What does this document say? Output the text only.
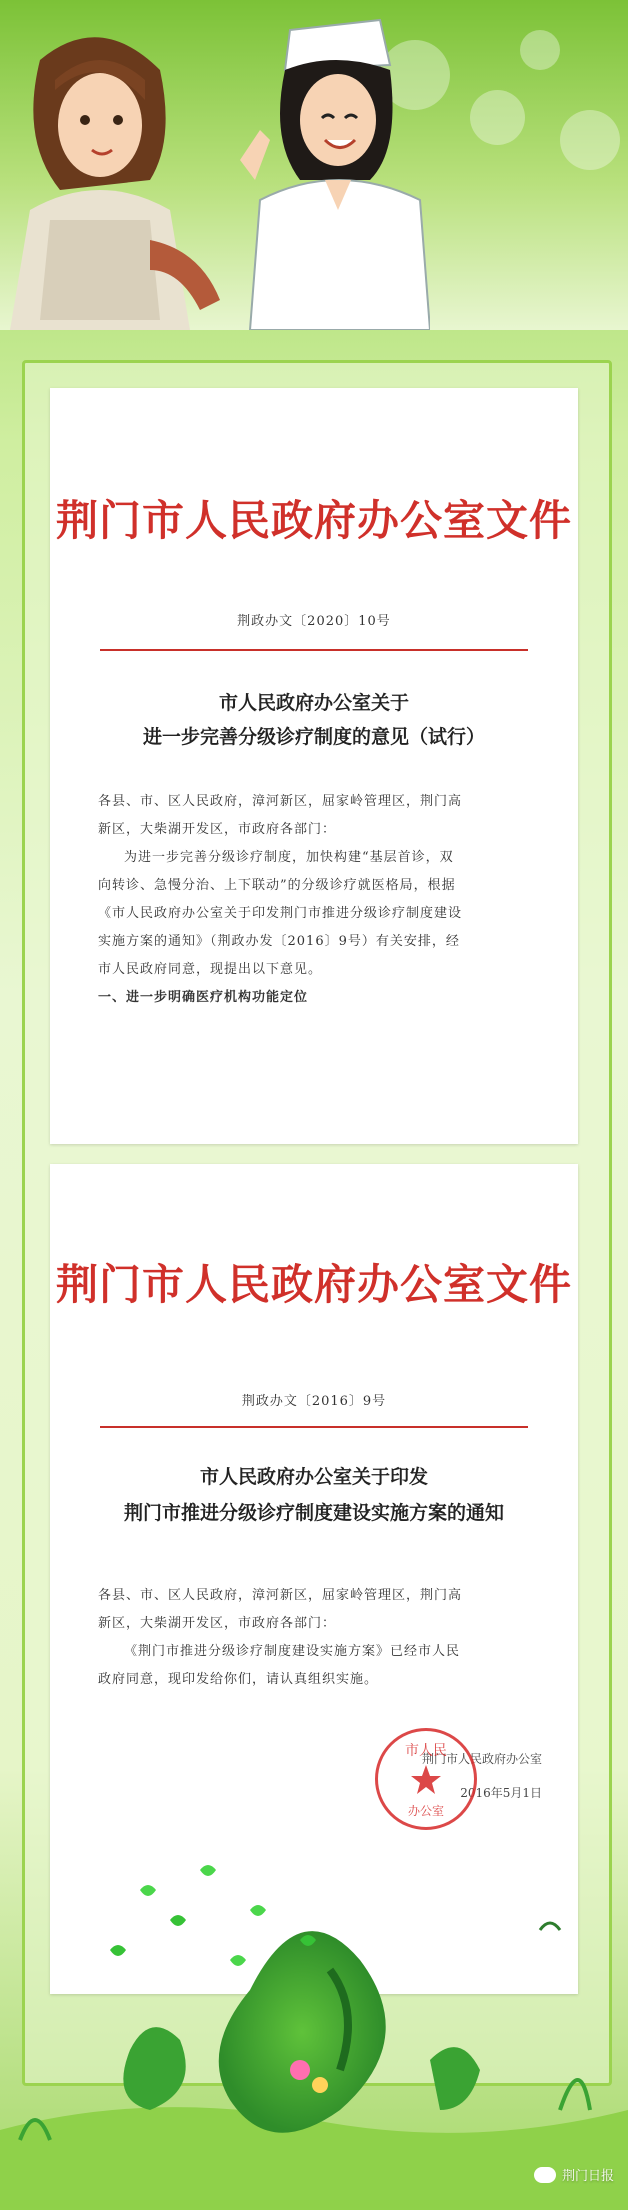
荆门市人民政府办公室文件
荆政办文〔2020〕10号
市人民政府办公室关于
进一步完善分级诊疗制度的意见（试行）

各县、市、区人民政府，漳河新区，屈家岭管理区，荆门高

新区，大柴湖开发区，市政府各部门：

为进一步完善分级诊疗制度，加快构建“基层首诊，双

向转诊、急慢分治、上下联动”的分级诊疗就医格局，根据

《市人民政府办公室关于印发荆门市推进分级诊疗制度建设

实施方案的通知》（荆政办发〔2016〕9号）有关安排，经

市人民政府同意，现提出以下意见。

一、进一步明确医疗机构功能定位

荆门市人民政府办公室文件
荆政办文〔2016〕9号
市人民政府办公室关于印发
荆门市推进分级诊疗制度建设实施方案的通知

各县、市、区人民政府，漳河新区，屈家岭管理区，荆门高

新区，大柴湖开发区，市政府各部门：

《荆门市推进分级诊疗制度建设实施方案》已经市人民

政府同意，现印发给你们，请认真组织实施。

荆门市人民政府办公室
2016年5月1日
市人民
办公室
荆门日报
